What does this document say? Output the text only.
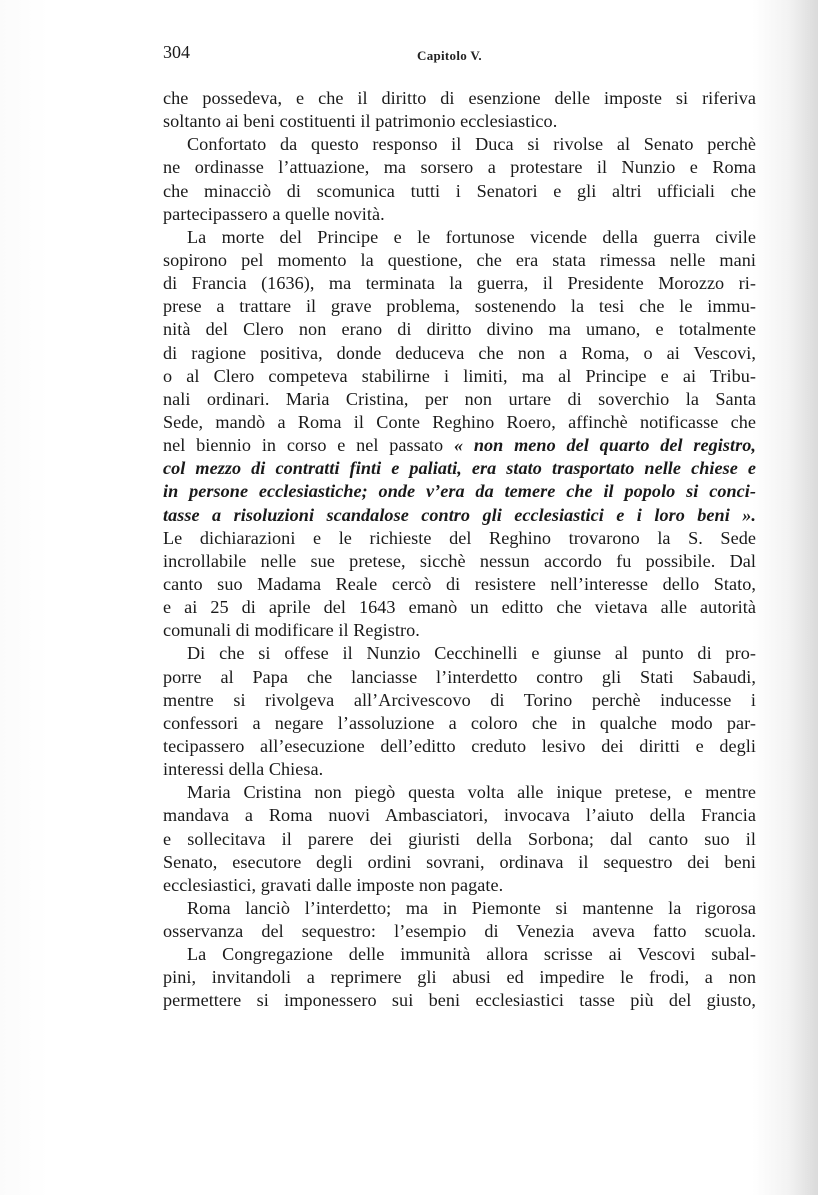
304	Capitolo V.
che possedeva, e che il diritto di esenzione delle imposte si riferiva
soltanto ai beni costituenti il patrimonio ecclesiastico.
Confortato da questo responso il Duca si rivolse al Senato perchè
ne ordinasse l’attuazione, ma sorsero a protestare il Nunzio e Roma
che minacciò di scomunica tutti i Senatori e gli altri ufficiali che
partecipassero a quelle novità.
La morte del Principe e le fortunose vicende della guerra civile
sopirono pel momento la questione, che era stata rimessa nelle mani
di Francia (1636), ma terminata la guerra, il Presidente Morozzo ri-
prese a trattare il grave problema, sostenendo la tesi che le immu-
nità del Clero non erano di diritto divino ma umano, e totalmente
di ragione positiva, donde deduceva che non a Roma, o ai Vescovi,
o al Clero competeva stabilirne i limiti, ma al Principe e ai Tribu-
nali ordinari. Maria Cristina, per non urtare di soverchio la Santa
Sede, mandò a Roma il Conte Reghino Roero, affinchè notificasse che
nel biennio in corso e nel passato « non meno del quarto del registro,
col mezzo di contratti finti e paliati, era stato trasportato nelle chiese e
in persone ecclesiastiche; onde v’era da temere che il popolo si conci-
tasse a risoluzioni scandalose contro gli ecclesiastici e i loro beni ».
Le dichiarazioni e le richieste del Reghino trovarono la S. Sede
incrollabile nelle sue pretese, sicchè nessun accordo fu possibile. Dal
canto suo Madama Reale cercò di resistere nell’interesse dello Stato,
e ai 25 di aprile del 1643 emanò un editto che vietava alle autorità
comunali di modificare il Registro.
Di che si offese il Nunzio Cecchinelli e giunse al punto di pro-
porre al Papa che lanciasse l’interdetto contro gli Stati Sabaudi,
mentre si rivolgeva all’Arcivescovo di Torino perchè inducesse i
confessori a negare l’assoluzione a coloro che in qualche modo par-
tecipassero all’esecuzione dell’editto creduto lesivo dei diritti e degli
interessi della Chiesa.
Maria Cristina non piegò questa volta alle inique pretese, e mentre
mandava a Roma nuovi Ambasciatori, invocava l’aiuto della Francia
e sollecitava il parere dei giuristi della Sorbona; dal canto suo il
Senato, esecutore degli ordini sovrani, ordinava il sequestro dei beni
ecclesiastici, gravati dalle imposte non pagate.
Roma lanciò l’interdetto; ma in Piemonte si mantenne la rigorosa
osservanza del sequestro: l’esempio di Venezia aveva fatto scuola.
La Congregazione delle immunità allora scrisse ai Vescovi subal-
pini, invitandoli a reprimere gli abusi ed impedire le frodi, a non
permettere si imponessero sui beni ecclesiastici tasse più del giusto,
